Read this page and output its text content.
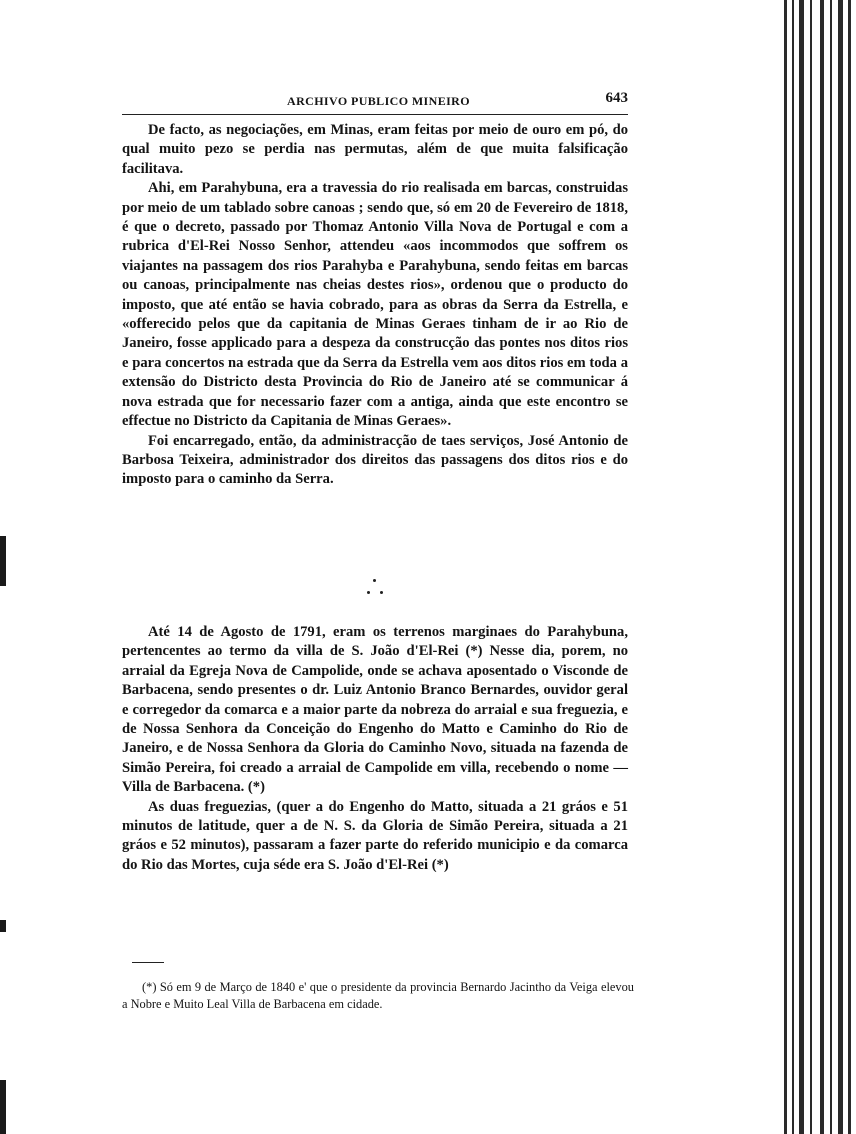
ARCHIVO PUBLICO MINEIRO	643

De facto, as negociações, em Minas, eram feitas por meio de ouro em pó, do qual muito pezo se perdia nas permutas, além de que muita falsificação facilitava.

Ahi, em Parahybuna, era a travessia do rio realisada em barcas, construidas por meio de um tablado sobre canoas ; sendo que, só em 20 de Fevereiro de 1818, é que o decreto, passado por Thomaz Antonio Villa Nova de Portugal e com a rubrica d'El-Rei Nosso Senhor, attendeu «aos incommodos que soffrem os viajantes na passagem dos rios Parahyba e Parahybuna, sendo feitas em barcas ou canoas, principalmente nas cheias destes rios», ordenou que o producto do imposto, que até então se havia cobrado, para as obras da Serra da Estrella, e «offerecido pelos que da capitania de Minas Geraes tinham de ir ao Rio de Janeiro, fosse applicado para a despeza da construcção das pontes nos ditos rios e para concertos na estrada que da Serra da Estrella vem aos ditos rios em toda a extensão do Districto desta Provincia do Rio de Janeiro até se communicar á nova estrada que for necessario fazer com a antiga, ainda que este encontro se effectue no Districto da Capitania de Minas Geraes».

Foi encarregado, então, da administracção de taes serviços, José Antonio de Barbosa Teixeira, administrador dos direitos das passagens dos ditos rios e do imposto para o caminho da Serra.

Até 14 de Agosto de 1791, eram os terrenos marginaes do Parahybuna, pertencentes ao termo da villa de S. João d'El-Rei (*) Nesse dia, porem, no arraial da Egreja Nova de Campolide, onde se achava aposentado o Visconde de Barbacena, sendo presentes o dr. Luiz Antonio Branco Bernardes, ouvidor geral e corregedor da comarca e a maior parte da nobreza do arraial e sua freguezia, e de Nossa Senhora da Conceição do Engenho do Matto e Caminho do Rio de Janeiro, e de Nossa Senhora da Gloria do Caminho Novo, situada na fazenda de Simão Pereira, foi creado a arraial de Campolide em villa, recebendo o nome — Villa de Barbacena. (*)

As duas freguezias, (quer a do Engenho do Matto, situada a 21 gráos e 51 minutos de latitude, quer a de N. S. da Gloria de Simão Pereira, situada a 21 gráos e 52 minutos), passaram a fazer parte do referido municipio e da comarca do Rio das Mortes, cuja séde era S. João d'El-Rei (*)

(*) Só em 9 de Março de 1840 e' que o presidente da provincia Bernardo Jacintho da Veiga elevou a Nobre e Muito Leal Villa de Barbacena em cidade.
